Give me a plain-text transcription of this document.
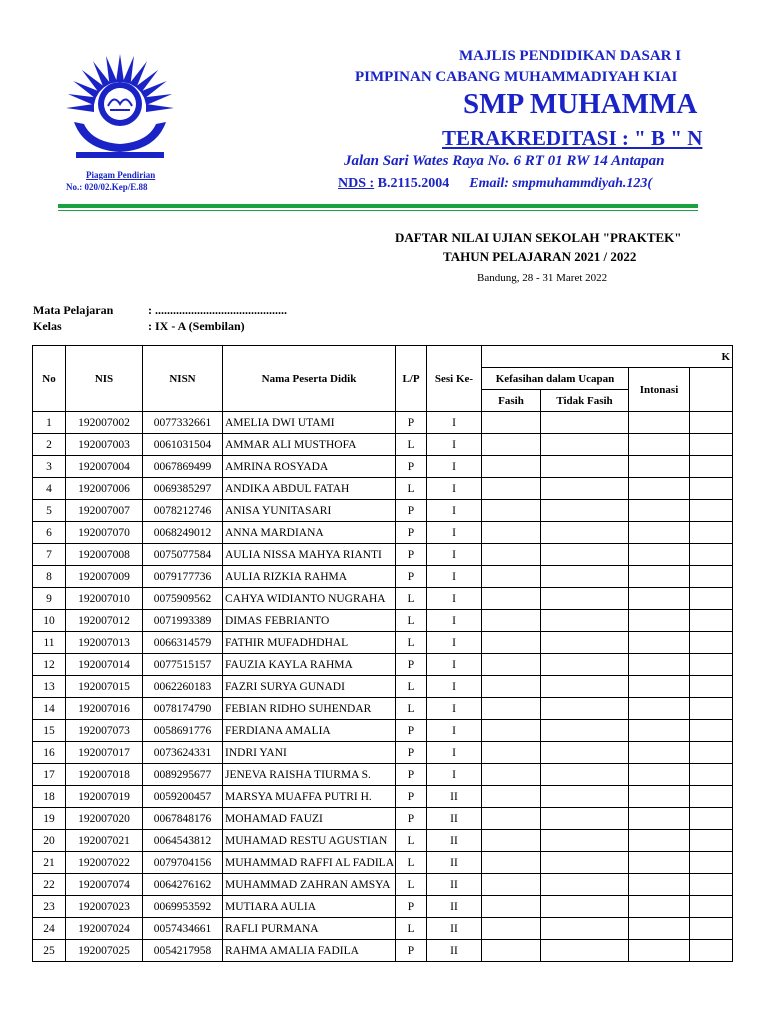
Piagam Pendirian
No.: 020/02.Kep/E.88
MAJLIS PENDIDIKAN DASAR I
PIMPINAN CABANG MUHAMMADIYAH KIAI
SMP MUHAMMA
TERAKREDITASI : " B " N
Jalan Sari Wates Raya No. 6 RT 01 RW 14 Antapan
NDS : B.2115.2004 Email: smpmuhammdiyah.123(
DAFTAR NILAI UJIAN SEKOLAH "PRAKTEK"
TAHUN PELAJARAN 2021 / 2022
Bandung, 28 - 31 Maret 2022
Mata Pelajaran	: ............................................
Kelas	: IX - A (Sembilan)
No	NIS	NISN	Nama Peserta Didik	L/P	Sesi Ke-	K			
						Kefasihan dalam Ucapan		Intonasi	
						Fasih	Tidak Fasih		
1	192007002	0077332661	AMELIA DWI UTAMI	P	I				
2	192007003	0061031504	AMMAR ALI MUSTHOFA	L	I				
3	192007004	0067869499	AMRINA ROSYADA	P	I				
4	192007006	0069385297	ANDIKA ABDUL FATAH	L	I				
5	192007007	0078212746	ANISA YUNITASARI	P	I				
6	192007070	0068249012	ANNA MARDIANA	P	I				
7	192007008	0075077584	AULIA NISSA MAHYA RIANTI	P	I				
8	192007009	0079177736	AULIA RIZKIA RAHMA	P	I				
9	192007010	0075909562	CAHYA WIDIANTO NUGRAHA	L	I				
10	192007012	0071993389	DIMAS FEBRIANTO	L	I				
11	192007013	0066314579	FATHIR MUFADHDHAL	L	I				
12	192007014	0077515157	FAUZIA KAYLA RAHMA	P	I				
13	192007015	0062260183	FAZRI SURYA GUNADI	L	I				
14	192007016	0078174790	FEBIAN RIDHO SUHENDAR	L	I				
15	192007073	0058691776	FERDIANA AMALIA	P	I				
16	192007017	0073624331	INDRI YANI	P	I				
17	192007018	0089295677	JENEVA RAISHA TIURMA S.	P	I				
18	192007019	0059200457	MARSYA MUAFFA PUTRI H.	P	II				
19	192007020	0067848176	MOHAMAD FAUZI	P	II				
20	192007021	0064543812	MUHAMAD RESTU AGUSTIAN	L	II				
21	192007022	0079704156	MUHAMMAD RAFFI AL FADILA	L	II				
22	192007074	0064276162	MUHAMMAD ZAHRAN AMSYA	L	II				
23	192007023	0069953592	MUTIARA AULIA	P	II				
24	192007024	0057434661	RAFLI PURMANA	L	II				
25	192007025	0054217958	RAHMA AMALIA FADILA	P	II				
